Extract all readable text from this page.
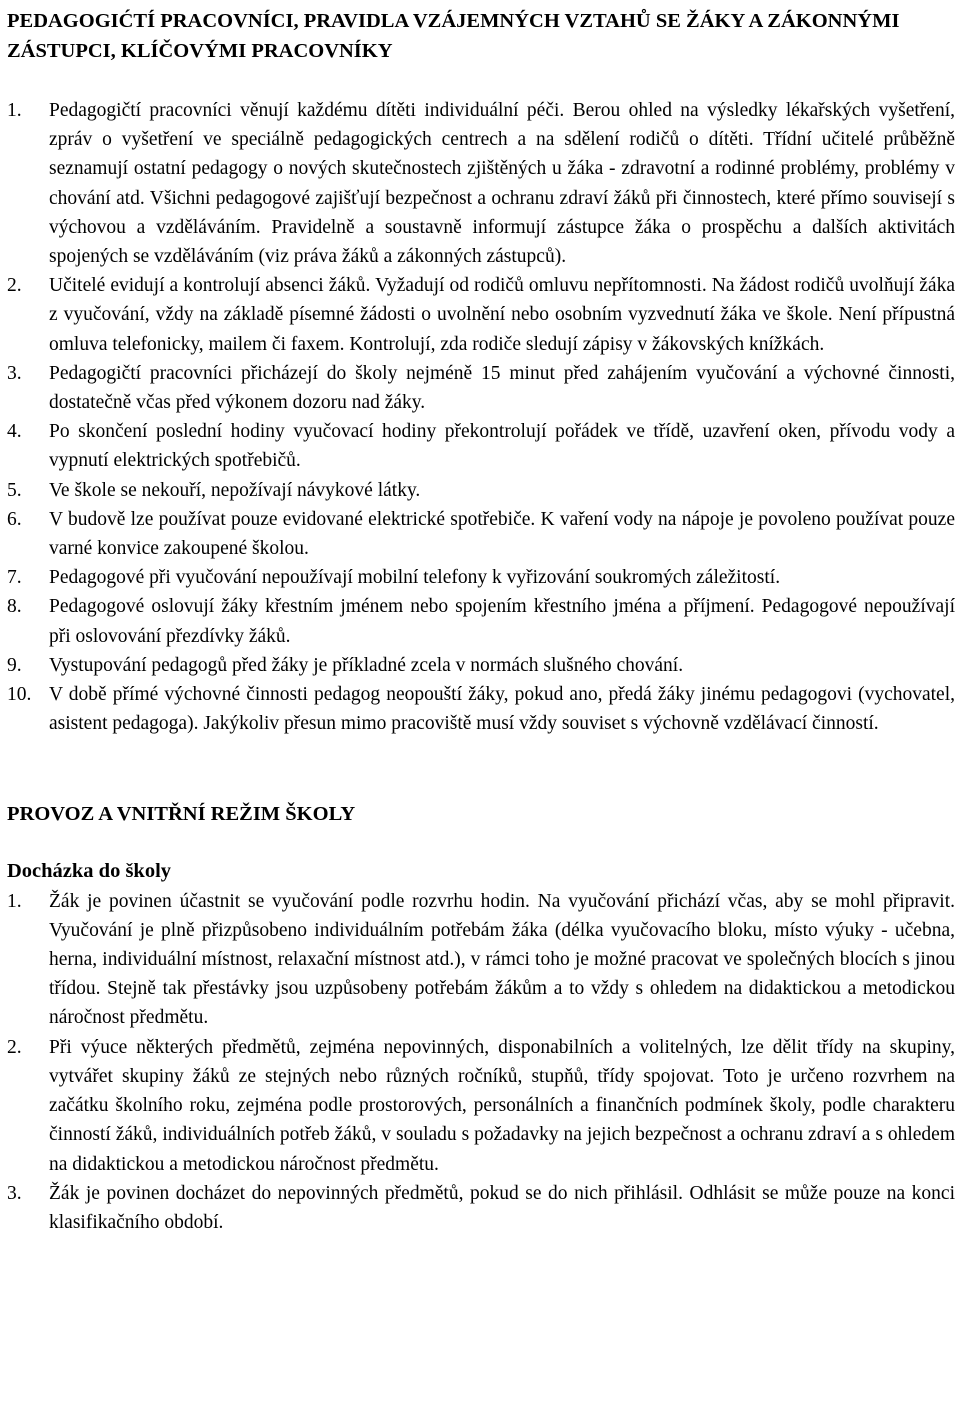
PEDAGOGIĆTÍ PRACOVNÍCI, PRAVIDLA VZÁJEMNÝCH VZTAHŮ SE ŽÁKY A ZÁKONNÝMI ZÁSTUPCI, KLÍČOVÝMI PRACOVNÍKY
1.	Pedagogičtí pracovníci věnují každému dítěti individuální péči. Berou ohled na výsledky lékařských vyšetření, zpráv o vyšetření ve speciálně pedagogických centrech a na sdělení rodičů o dítěti. Třídní učitelé průběžně seznamují ostatní pedagogy o nových skutečnostech zjištěných u žáka - zdravotní a rodinné problémy, problémy v chování atd. Všichni pedagogové zajišťují bezpečnost a ochranu zdraví žáků při činnostech, které přímo souvisejí s výchovou a vzděláváním. Pravidelně a soustavně informují zástupce žáka o prospěchu a dalších aktivitách spojených se vzděláváním (viz práva žáků a zákonných zástupců).
2.	Učitelé evidují a kontrolují absenci žáků. Vyžadují od rodičů omluvu nepřítomnosti. Na žádost rodičů uvolňují žáka z vyučování, vždy na základě písemné žádosti o uvolnění nebo osobním vyzvednutí žáka ve škole. Není přípustná omluva telefonicky, mailem či faxem. Kontrolují, zda rodiče sledují zápisy v žákovských knížkách.
3.	Pedagogičtí pracovníci přicházejí do školy nejméně 15 minut před zahájením vyučování a výchovné činnosti, dostatečně včas před výkonem dozoru nad žáky.
4.	Po skončení poslední hodiny vyučovací hodiny překontrolují pořádek ve třídě, uzavření oken, přívodu vody a vypnutí elektrických spotřebičů.
5.	Ve škole se nekouří, nepožívají návykové látky.
6.	V budově lze používat pouze evidované elektrické spotřebiče. K vaření vody na nápoje je povoleno používat pouze varné konvice zakoupené školou.
7.	Pedagogové při vyučování nepoužívají mobilní telefony k vyřizování soukromých záležitostí.
8.	Pedagogové oslovují žáky křestním jménem nebo spojením křestního jména a příjmení. Pedagogové nepoužívají při oslovování přezdívky žáků.
9.	Vystupování pedagogů před žáky je příkladné zcela v normách slušného chování.
10. V době přímé výchovné činnosti pedagog neopouští žáky, pokud ano, předá žáky jinému pedagogovi (vychovatel, asistent pedagoga). Jakýkoliv přesun mimo pracoviště musí vždy souviset s výchovně vzdělávací činností.
PROVOZ A VNITŘNÍ REŽIM ŠKOLY
Docházka do školy
1.	Žák je povinen účastnit se vyučování podle rozvrhu hodin. Na vyučování přichází včas, aby se mohl připravit. Vyučování je plně přizpůsobeno individuálním potřebám žáka (délka vyučovacího bloku, místo výuky - učebna, herna, individuální místnost, relaxační místnost atd.), v rámci toho je možné pracovat ve společných blocích s jinou třídou. Stejně tak přestávky jsou uzpůsobeny potřebám žákům a to vždy s ohledem na didaktickou a metodickou náročnost předmětu.
2.	Při výuce některých předmětů, zejména nepovinných, disponabilních a volitelných, lze dělit třídy na skupiny, vytvářet skupiny žáků ze stejných nebo různých ročníků, stupňů, třídy spojovat. Toto je určeno rozvrhem na začátku školního roku, zejména podle prostorových, personálních a finančních podmínek školy, podle charakteru činností žáků, individuálních potřeb žáků, v souladu s požadavky na jejich bezpečnost a ochranu zdraví a s ohledem na didaktickou a metodickou náročnost předmětu.
3.	Žák je povinen docházet do nepovinných předmětů, pokud se do nich přihlásil. Odhlásit se může pouze na konci klasifikačního období.
